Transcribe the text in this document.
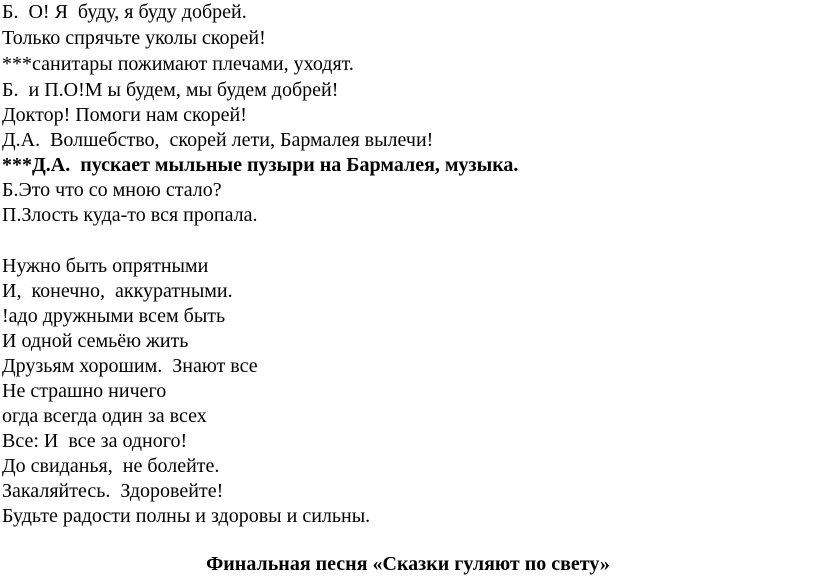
Б.  О! Я  буду, я буду добрей.
Только спрячьте уколы скорей!
***санитары пожимают плечами, уходят.
Б.  и П.О!М ы будем, мы будем добрей!
Доктор! Помоги нам скорей!
Д.А.  Волшебство,  скорей лети, Бармалея вылечи!
***Д.А.  пускает мыльные пузыри на Бармалея, музыка.
Б.Это что со мною стало?
П.Злость куда-то вся пропала.
Нужно быть опрятными
И,  конечно,  аккуратными.
!адо дружными всем быть
И одной семьёю жить
Друзьям хорошим.  Знают все
Не страшно ничего
огда всегда один за всех
Все: И  все за одного!
До свиданья,  не болейте.
Закаляйтесь.  Здоровейте!
Будьте радости полны и здоровы и сильны.
Финальная песня «Сказки гуляют по свету»
